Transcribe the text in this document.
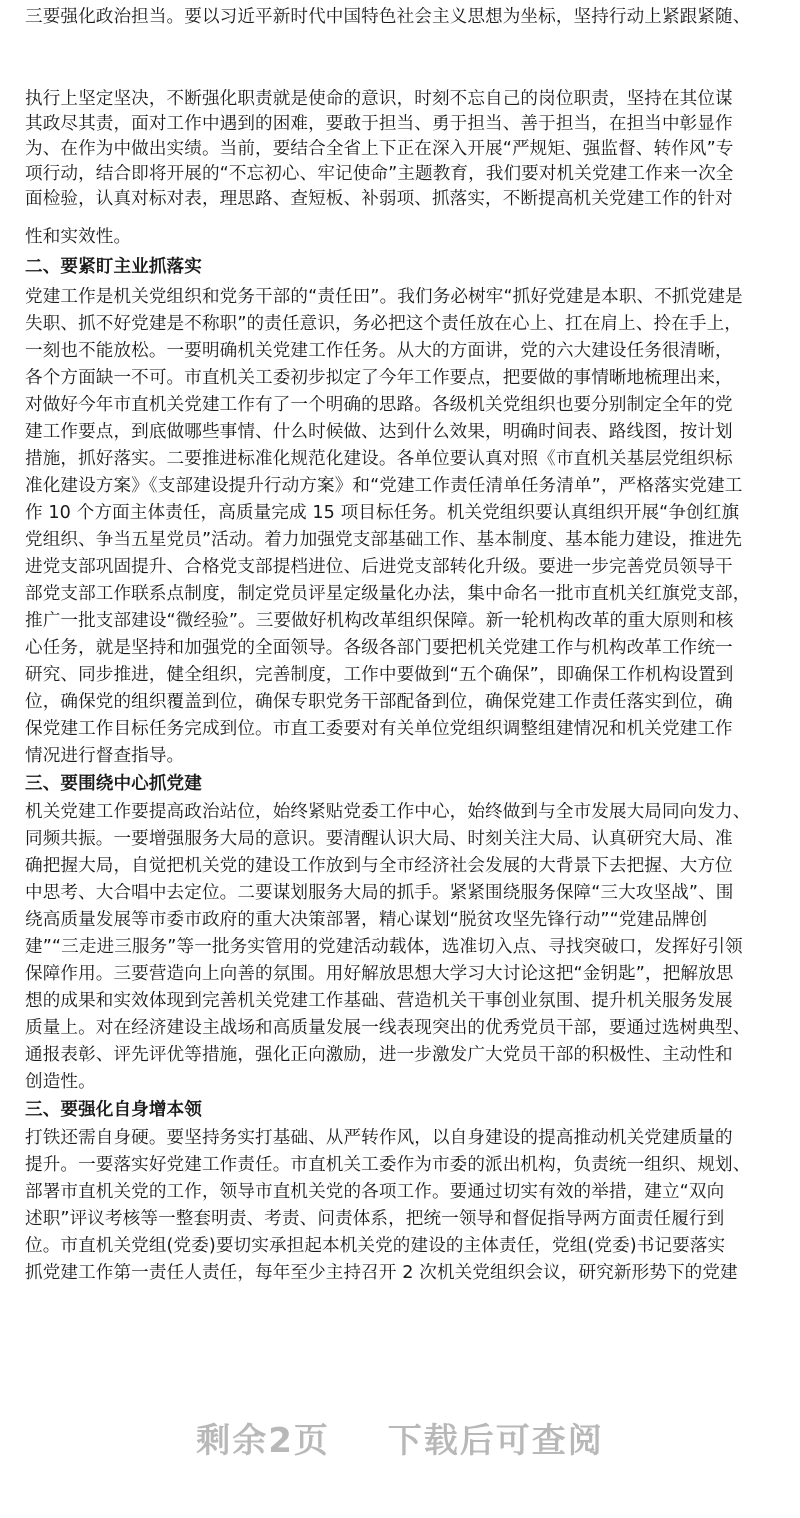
三要强化政治担当。要以习近平新时代中国特色社会主义思想为坐标，坚持行动上紧跟紧随、
执行上坚定坚决，不断强化职责就是使命的意识，时刻不忘自己的岗位职责，坚持在其位谋
其政尽其责，面对工作中遇到的困难，要敢于担当、勇于担当、善于担当，在担当中彰显作
为、在作为中做出实绩。当前，要结合全省上下正在深入开展“严规矩、强监督、转作风”专
项行动，结合即将开展的“不忘初心、牢记使命”主题教育，我们要对机关党建工作来一次全
面检验，认真对标对表，理思路、查短板、补弱项、抓落实，不断提高机关党建工作的针对
性和实效性。
二、要紧盯主业抓落实
党建工作是机关党组织和党务干部的“责任田”。我们务必树牢“抓好党建是本职、不抓党建是
失职、抓不好党建是不称职”的责任意识，务必把这个责任放在心上、扛在肩上、拎在手上，
一刻也不能放松。一要明确机关党建工作任务。从大的方面讲，党的六大建设任务很清晰，
各个方面缺一不可。市直机关工委初步拟定了今年工作要点，把要做的事情晰地梳理出来，
对做好今年市直机关党建工作有了一个明确的思路。各级机关党组织也要分别制定全年的党
建工作要点，到底做哪些事情、什么时候做、达到什么效果，明确时间表、路线图，按计划
措施，抓好落实。二要推进标准化规范化建设。各单位要认真对照《市直机关基层党组织标
准化建设方案》《支部建设提升行动方案》和“党建工作责任清单任务清单”，严格落实党建工
作 10 个方面主体责任，高质量完成 15 项目标任务。机关党组织要认真组织开展“争创红旗
党组织、争当五星党员”活动。着力加强党支部基础工作、基本制度、基本能力建设，推进先
进党支部巩固提升、合格党支部提档进位、后进党支部转化升级。要进一步完善党员领导干
部党支部工作联系点制度，制定党员评星定级量化办法，集中命名一批市直机关红旗党支部，
推广一批支部建设“微经验”。三要做好机构改革组织保障。新一轮机构改革的重大原则和核
心任务，就是坚持和加强党的全面领导。各级各部门要把机关党建工作与机构改革工作统一
研究、同步推进，健全组织，完善制度，工作中要做到“五个确保”，即确保工作机构设置到
位，确保党的组织覆盖到位，确保专职党务干部配备到位，确保党建工作责任落实到位，确
保党建工作目标任务完成到位。市直工委要对有关单位党组织调整组建情况和机关党建工作
情况进行督查指导。
三、要围绕中心抓党建
机关党建工作要提高政治站位，始终紧贴党委工作中心，始终做到与全市发展大局同向发力、
同频共振。一要增强服务大局的意识。要清醒认识大局、时刻关注大局、认真研究大局、准
确把握大局，自觉把机关党的建设工作放到与全市经济社会发展的大背景下去把握、大方位
中思考、大合唱中去定位。二要谋划服务大局的抓手。紧紧围绕服务保障“三大攻坚战”、围
绕高质量发展等市委市政府的重大决策部署，精心谋划“脱贫攻坚先锋行动”“党建品牌创
建”“三走进三服务”等一批务实管用的党建活动载体，选准切入点、寻找突破口，发挥好引领
保障作用。三要营造向上向善的氛围。用好解放思想大学习大讨论这把“金钥匙”，把解放思
想的成果和实效体现到完善机关党建工作基础、营造机关干事创业氛围、提升机关服务发展
质量上。对在经济建设主战场和高质量发展一线表现突出的优秀党员干部，要通过选树典型、
通报表彰、评先评优等措施，强化正向激励，进一步激发广大党员干部的积极性、主动性和
创造性。
三、要强化自身增本领
打铁还需自身硬。要坚持务实打基础、从严转作风，以自身建设的提高推动机关党建质量的
提升。一要落实好党建工作责任。市直机关工委作为市委的派出机构，负责统一组织、规划、
部署市直机关党的工作，领导市直机关党的各项工作。要通过切实有效的举措，建立“双向
述职”评议考核等一整套明责、考责、问责体系，把统一领导和督促指导两方面责任履行到
位。市直机关党组(党委)要切实承担起本机关党的建设的主体责任，党组(党委)书记要落实
抓党建工作第一责任人责任，每年至少主持召开 2 次机关党组织会议，研究新形势下的党建
剩余2页 下载后可查阅
